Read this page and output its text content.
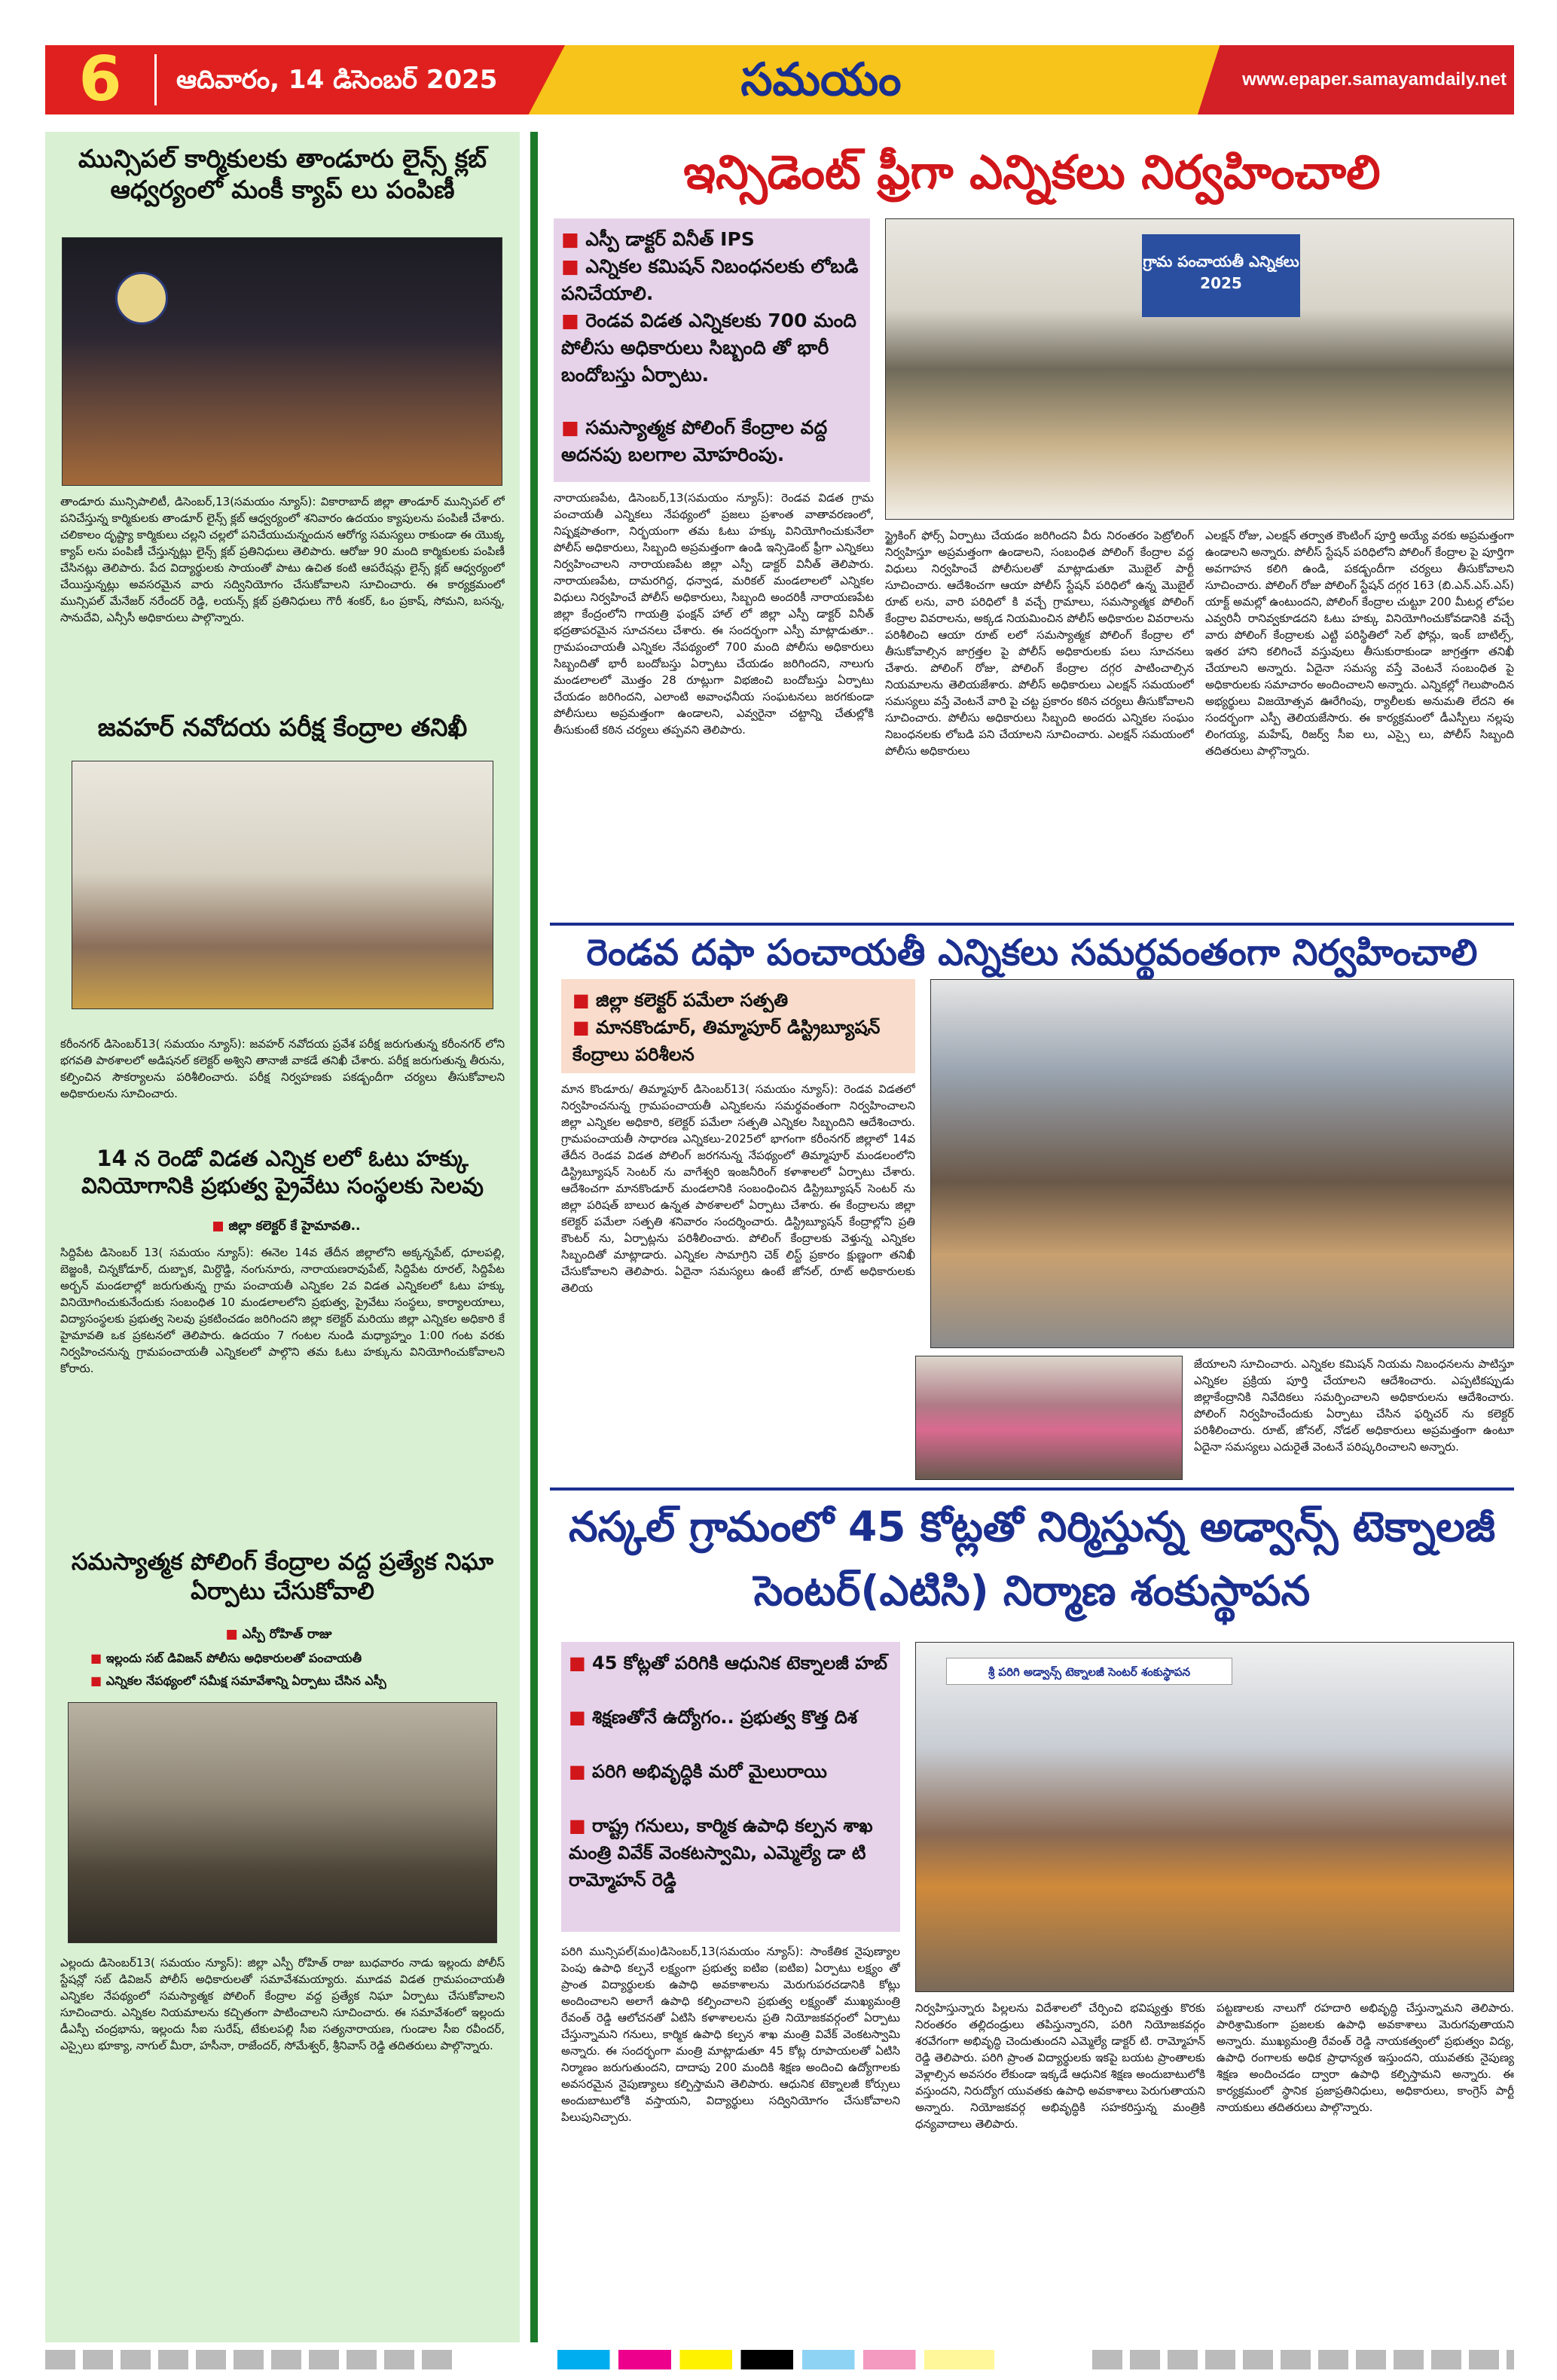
6	ఆదివారం, 14 డిసెంబర్ 2025	సమయం	www.epaper.samayamdaily.net
మున్సిపల్ కార్మికులకు తాండూరు లైన్స్ క్లబ్ ఆధ్వర్యంలో మంకీ క్యాప్ లు పంపిణీ
తాండూరు మున్సిపాలిటీ, డిసెంబర్,13(సమయం న్యూస్): వికారాబాద్ జిల్లా తాండూర్ మున్సిపల్ లో పనిచేస్తున్న కార్మికులకు తాండూర్ లైన్స్ క్లబ్ ఆధ్వర్యంలో శనివారం ఉదయం క్యాపులను పంపిణీ చేశారు. చలికాలం దృష్ట్యా కార్మికులు చల్లని చల్లలో పనిచేయుచున్నందున ఆరోగ్య సమస్యలు రాకుండా ఈ యొక్క క్యాప్ లను పంపిణీ చేస్తున్నట్లు లైన్స్ క్లబ్ ప్రతినిధులు తెలిపారు. ఆరోజు 90 మంది కార్మికులకు పంపిణీ చేసినట్లు తెలిపారు. పేద విద్యార్థులకు సాయంతో పాటు ఉచిత కంటి ఆపరేషన్లు లైన్స్ క్లబ్ ఆధ్వర్యంలో చేయిస్తున్నట్లు అవసరమైన వారు సద్వినియోగం చేసుకోవాలని సూచించారు. ఈ కార్యక్రమంలో మున్సిపల్ మేనేజర్ నరేందర్ రెడ్డి, లయన్స్ క్లబ్ ప్రతినిధులు గౌరీ శంకర్, ఓం ప్రకాష్, సోమని, బసన్న, సానుదేవి, ఎన్సీసీ అధికారులు పాల్గొన్నారు.
జవహర్ నవోదయ పరీక్ష కేంద్రాల తనిఖీ
కరీంనగర్ డిసెంబర్13( సమయం న్యూస్): జవహర్ నవోదయ ప్రవేశ పరీక్ష జరుగుతున్న కరీంనగర్ లోని భగవతి పాఠశాలలో అడిషనల్ కలెక్టర్ అశ్విని తానాజీ వాకడే తనిఖీ చేశారు. పరీక్ష జరుగుతున్న తీరును, కల్పించిన సౌకర్యాలను పరిశీలించారు. పరీక్ష నిర్వహణకు పకడ్బందీగా చర్యలు తీసుకోవాలని అధికారులను సూచించారు.
14 న రెండో విడత ఎన్నిక లలో ఓటు హక్కు వినియోగానికి ప్రభుత్వ ప్రైవేటు సంస్థలకు సెలవు
■ జిల్లా కలెక్టర్ కే హైమావతి..
సిద్దిపేట డిసెంబర్ 13( సమయం న్యూస్): ఈనెల 14వ తేదీన జిల్లాలోని అక్కన్నపేట్, ధూలపల్లి, బెజ్జంకి, చిన్నకోడూర్, దుబ్బాక, మిర్దొడ్డి, నంగునూరు, నారాయణరావుపేట్, సిద్దిపేట రూరల్, సిద్దిపేట అర్బన్ మండలాల్లో జరుగుతున్న గ్రామ పంచాయతీ ఎన్నికల 2వ విడత ఎన్నికలలో ఓటు హక్కు వినియోగించుకునేందుకు సంబంధిత 10 మండలాలలోని ప్రభుత్వ, ప్రైవేటు సంస్థలు, కార్యాలయాలు, విద్యాసంస్థలకు ప్రభుత్వ సెలవు ప్రకటించడం జరిగిందని జిల్లా కలెక్టర్ మరియు జిల్లా ఎన్నికల అధికారి కే హైమావతి ఒక ప్రకటనలో తెలిపారు. ఉదయం 7 గంటల నుండి మధ్యాహ్నం 1:00 గంట వరకు నిర్వహించనున్న గ్రామపంచాయతీ ఎన్నికలలో పాల్గొని తమ ఓటు హక్కును వినియోగించుకోవాలని కోరారు.
సమస్యాత్మక పోలింగ్ కేంద్రాల వద్ద ప్రత్యేక నిఘా ఏర్పాటు చేసుకోవాలి
■ ఎస్పీ రోహిత్ రాజు
■ ఇల్లందు సబ్ డివిజన్ పోలీసు అధికారులతో పంచాయతీ
■ ఎన్నికల నేపథ్యంలో సమీక్ష సమావేశాన్ని ఏర్పాటు చేసిన ఎస్పీ
ఎల్లందు డిసెంబర్13( సమయం న్యూస్): జిల్లా ఎస్పీ రోహిత్ రాజు బుధవారం నాడు ఇల్లందు పోలీస్ స్టేషన్లో సబ్ డివిజన్ పోలీస్ అధికారులతో సమావేశమయ్యారు. మూడవ విడత గ్రామపంచాయతీ ఎన్నికల నేపథ్యంలో సమస్యాత్మక పోలింగ్ కేంద్రాల వద్ద ప్రత్యేక నిఘా ఏర్పాటు చేసుకోవాలని సూచించారు. ఎన్నికల నియమాలను కచ్చితంగా పాటించాలని సూచించారు. ఈ సమావేశంలో ఇల్లందు డీఎస్పీ చంద్రభాను, ఇల్లందు సీఐ సురేష్, టేకులపల్లి సీఐ సత్యనారాయణ, గుండాల సీఐ రవీందర్, ఎస్సైలు భూక్యా, నాగుల్ మీరా, హసీనా, రాజేందర్, సోమేశ్వర్, శ్రీనివాస్ రెడ్డి తదితరులు పాల్గొన్నారు.
ఇన్సిడెంట్ ఫ్రీగా ఎన్నికలు నిర్వహించాలి
■ ఎస్పీ డాక్టర్ వినీత్ IPS
■ ఎన్నికల కమిషన్ నిబంధనలకు లోబడి పనిచేయాలి.
■ రెండవ విడత ఎన్నికలకు 700 మంది పోలీసు అధికారులు సిబ్బంది తో భారీ బందోబస్తు ఏర్పాటు.
■ సమస్యాత్మక పోలింగ్ కేంద్రాల వద్ద అదనపు బలగాల మోహరింపు.
గ్రామ పంచాయతీ ఎన్నికలు 2025
నారాయణపేట, డిసెంబర్,13(సమయం న్యూస్): రెండవ విడత గ్రామ పంచాయతీ ఎన్నికలు నేపథ్యంలో ప్రజలు ప్రశాంత వాతావరణంలో, నిష్పక్షపాతంగా, నిర్భయంగా తమ ఓటు హక్కు వినియోగించుకునేలా పోలీస్ అధికారులు, సిబ్బంది అప్రమత్తంగా ఉండి ఇన్సిడెంట్ ఫ్రీగా ఎన్నికలు నిర్వహించాలని నారాయణపేట జిల్లా ఎస్పీ డాక్టర్ వినీత్ తెలిపారు. నారాయణపేట, దామరగిద్ద, ధన్వాడ, మరికల్ మండలాలలో ఎన్నికల విధులు నిర్వహించే పోలీస్ అధికారులు, సిబ్బంది అందరికీ నారాయణపేట జిల్లా కేంద్రంలోని గాయత్రి ఫంక్షన్ హాల్ లో జిల్లా ఎస్పీ డాక్టర్ వినీత్ భద్రతాపరమైన సూచనలు చేశారు. ఈ సందర్భంగా ఎస్పీ మాట్లాడుతూ.. గ్రామపంచాయతీ ఎన్నికల నేపథ్యంలో 700 మంది పోలీసు అధికారులు సిబ్బందితో భారీ బందోబస్తు ఏర్పాటు చేయడం జరిగిందని, నాలుగు మండలాలలో మొత్తం 28 రూట్లుగా విభజించి బందోబస్తు ఏర్పాటు చేయడం జరిగిందని, ఎలాంటి అవాంఛనీయ సంఘటనలు జరగకుండా పోలీసులు అప్రమత్తంగా ఉండాలని, ఎవ్వరైనా చట్టాన్ని చేతుల్లోకి తీసుకుంటే కఠిన చర్యలు తప్పవని తెలిపారు.
స్ట్రైకింగ్ ఫోర్స్ ఏర్పాటు చేయడం జరిగిందని వీరు నిరంతరం పెట్రోలింగ్ నిర్వహిస్తూ అప్రమత్తంగా ఉండాలని, సంబంధిత పోలింగ్ కేంద్రాల వద్ద విధులు నిర్వహించే పోలీసులతో మాట్లాడుతూ మొబైల్ పార్టీ సూచించారు. ఆదేశించగా ఆయా పోలీస్ స్టేషన్ పరిధిలో ఉన్న మొబైల్ రూట్ లను, వారి పరిధిలో కి వచ్చే గ్రామాలు, సమస్యాత్మక పోలింగ్ కేంద్రాల వివరాలను, అక్కడ నియమించిన పోలీస్ అధికారుల వివరాలను పరిశీలించి ఆయా రూట్ లలో సమస్యాత్మక పోలింగ్ కేంద్రాల లో తీసుకోవాల్సిన జాగ్రత్తల పై పోలీస్ అధికారులకు పలు సూచనలు చేశారు. పోలింగ్ రోజు, పోలింగ్ కేంద్రాల దగ్గర పాటించాల్సిన నియమాలను తెలియజేశారు. పోలీస్ అధికారులు ఎలక్షన్ సమయంలో సమస్యలు వస్తే వెంటనే వారి పై చట్ట ప్రకారం కఠిన చర్యలు తీసుకోవాలని సూచించారు. పోలీసు అధికారులు సిబ్బంది అందరు ఎన్నికల సంఘం నిబంధనలకు లోబడి పని చేయాలని సూచించారు. ఎలక్షన్ సమయంలో పోలీసు అధికారులు
ఎలక్షన్ రోజు, ఎలక్షన్ తర్వాత కౌంటింగ్ పూర్తి అయ్యే వరకు అప్రమత్తంగా ఉండాలని అన్నారు. పోలీస్ స్టేషన్ పరిధిలోని పోలింగ్ కేంద్రాల పై పూర్తిగా అవగాహన కలిగి ఉండి, పకడ్బందీగా చర్యలు తీసుకోవాలని సూచించారు. పోలింగ్ రోజు పోలింగ్ స్టేషన్ దగ్గర 163 (బి.ఎన్.ఎస్.ఎస్) యాక్ట్ అమల్లో ఉంటుందని, పోలింగ్ కేంద్రాల చుట్టూ 200 మీటర్ల లోపల ఎవ్వరినీ రానివ్వకూడదని ఓటు హక్కు వినియోగించుకోవడానికి వచ్చే వారు పోలింగ్ కేంద్రాలకు ఎట్టి పరిస్థితిలో సెల్ ఫోన్లు, ఇంక్ బాటిల్స్, ఇతర హాని కలిగించే వస్తువులు తీసుకురాకుండా జాగ్రత్తగా తనిఖీ చేయాలని అన్నారు. ఏదైనా సమస్య వస్తే వెంటనే సంబంధిత పై అధికారులకు సమాచారం అందించాలని అన్నారు. ఎన్నికల్లో గెలుపొందిన అభ్యర్థులు విజయోత్సవ ఊరేగింపు, ర్యాలీలకు అనుమతి లేదని ఈ సందర్భంగా ఎస్పీ తెలియజేసారు. ఈ కార్యక్రమంలో డీఎస్పీలు నల్లపు లింగయ్య, మహేష్, రిజర్వ్ సీఐ లు, ఎస్సై లు, పోలీస్ సిబ్బంది తదితరులు పాల్గొన్నారు.
రెండవ దఫా పంచాయతీ ఎన్నికలు సమర్థవంతంగా నిర్వహించాలి
■ జిల్లా కలెక్టర్ పమేలా సత్పతి
■ మానకొండూర్, తిమ్మాపూర్ డిస్ట్రిబ్యూషన్ కేంద్రాలు పరిశీలన
మాన కొండూరు/ తిమ్మాపూర్ డిసెంబర్13( సమయం న్యూస్): రెండవ విడతలో నిర్వహించనున్న గ్రామపంచాయతీ ఎన్నికలను సమర్థవంతంగా నిర్వహించాలని జిల్లా ఎన్నికల అధికారి, కలెక్టర్ పమేలా సత్పతి ఎన్నికల సిబ్బందిని ఆదేశించారు. గ్రామపంచాయతీ సాధారణ ఎన్నికలు-2025లో భాగంగా కరీంనగర్ జిల్లాలో 14వ తేదీన రెండవ విడత పోలింగ్ జరగనున్న నేపథ్యంలో తిమ్మాపూర్ మండలంలోని డిస్ట్రిబ్యూషన్ సెంటర్ ను వాగేశ్వరి ఇంజనీరింగ్ కళాశాలలో ఏర్పాటు చేశారు. ఆదేశించగా మానకొండూర్ మండలానికి సంబంధించిన డిస్ట్రిబ్యూషన్ సెంటర్ ను జిల్లా పరిషత్ బాలుర ఉన్నత పాఠశాలలో ఏర్పాటు చేశారు. ఈ కేంద్రాలను జిల్లా కలెక్టర్ పమేలా సత్పతి శనివారం సందర్శించారు. డిస్ట్రిబ్యూషన్ కేంద్రాల్లోని ప్రతి కౌంటర్ ను, ఏర్పాట్లను పరిశీలించారు. పోలింగ్ కేంద్రాలకు వెళ్తున్న ఎన్నికల సిబ్బందితో మాట్లాడారు. ఎన్నికల సామాగ్రిని చెక్ లిస్ట్ ప్రకారం క్షుణ్ణంగా తనిఖీ చేసుకోవాలని తెలిపారు. ఏదైనా సమస్యలు ఉంటే జోనల్, రూట్ అధికారులకు తెలియ
జేయాలని సూచించారు. ఎన్నికల కమిషన్ నియమ నిబంధనలను పాటిస్తూ ఎన్నికల ప్రక్రియ పూర్తి చేయాలని ఆదేశించారు. ఎప్పటికప్పుడు జిల్లాకేంద్రానికి నివేదికలు సమర్పించాలని అధికారులను ఆదేశించారు. పోలింగ్ నిర్వహించేందుకు ఏర్పాటు చేసిన ఫర్నిచర్ ను కలెక్టర్ పరిశీలించారు. రూట్, జోనల్, నోడల్ అధికారులు అప్రమత్తంగా ఉంటూ ఏదైనా సమస్యలు ఎదురైతే వెంటనే పరిష్కరించాలని అన్నారు.
నస్కల్ గ్రామంలో 45 కోట్లతో నిర్మిస్తున్న అడ్వాన్స్ టెక్నాలజీ సెంటర్(ఎటిసి) నిర్మాణ శంకుస్థాపన
■ 45 కోట్లతో పరిగికి ఆధునిక టెక్నాలజీ హబ్
■ శిక్షణతోనే ఉద్యోగం.. ప్రభుత్వ కొత్త దిశ
■ పరిగి అభివృద్ధికి మరో మైలురాయి
■ రాష్ట్ర గనులు, కార్మిక ఉపాధి కల్పన శాఖ మంత్రి వివేక్ వెంకటస్వామి, ఎమ్మెల్యే డా టి రామ్మోహన్ రెడ్డి
శ్రీ పరిగి అడ్వాన్స్ టెక్నాలజీ సెంటర్ శంకుస్థాపన
పరిగి మున్సిపల్(మం)డిసెంబర్,13(సమయం న్యూస్): సాంకేతిక నైపుణ్యాల పెంపు ఉపాధి కల్పనే లక్ష్యంగా ప్రభుత్వ ఐటిఐ (ఐటిఐ) ఏర్పాటు లక్ష్యం తో ప్రాంత విద్యార్థులకు ఉపాధి అవకాశాలను మెరుగుపరచడానికి కోట్లు అందించాలని అలాగే ఉపాధి కల్పించాలని ప్రభుత్వ లక్ష్యంతో ముఖ్యమంత్రి రేవంత్ రెడ్డి ఆలోచనతో ఏటిసి కళాశాలలను ప్రతి నియోజకవర్గంలో ఏర్పాటు చేస్తున్నామని గనులు, కార్మిక ఉపాధి కల్పన శాఖ మంత్రి వివేక్ వెంకటస్వామి అన్నారు. ఈ సందర్భంగా మంత్రి మాట్లాడుతూ 45 కోట్ల రూపాయలతో ఏటిసి నిర్మాణం జరుగుతుందని, దాదాపు 200 మందికి శిక్షణ అందించి ఉద్యోగాలకు అవసరమైన నైపుణ్యాలు కల్పిస్తామని తెలిపారు. ఆధునిక టెక్నాలజీ కోర్సులు అందుబాటులోకి వస్తాయని, విద్యార్థులు సద్వినియోగం చేసుకోవాలని పిలుపునిచ్చారు.
నిర్వహిస్తున్నారు పిల్లలను విదేశాలలో చేర్పించి భవిష్యత్తు కొరకు నిరంతరం తల్లిదండ్రులు తపిస్తున్నారని, పరిగి నియోజకవర్గం శరవేగంగా అభివృద్ధి చెందుతుందని ఎమ్మెల్యే డాక్టర్ టి. రామ్మోహన్ రెడ్డి తెలిపారు. పరిగి ప్రాంత విద్యార్థులకు ఇకపై బయట ప్రాంతాలకు వెళ్లాల్సిన అవసరం లేకుండా ఇక్కడే ఆధునిక శిక్షణ అందుబాటులోకి వస్తుందని, నిరుద్యోగ యువతకు ఉపాధి అవకాశాలు పెరుగుతాయని అన్నారు. నియోజకవర్గ అభివృద్ధికి సహకరిస్తున్న మంత్రికి ధన్యవాదాలు తెలిపారు.
పట్టణాలకు నాలుగో రహదారి అభివృద్ధి చేస్తున్నామని తెలిపారు. పారిశ్రామికంగా ప్రజలకు ఉపాధి అవకాశాలు మెరుగవుతాయని అన్నారు. ముఖ్యమంత్రి రేవంత్ రెడ్డి నాయకత్వంలో ప్రభుత్వం విద్య, ఉపాధి రంగాలకు అధిక ప్రాధాన్యత ఇస్తుందని, యువతకు నైపుణ్య శిక్షణ అందించడం ద్వారా ఉపాధి కల్పిస్తామని అన్నారు. ఈ కార్యక్రమంలో స్థానిక ప్రజాప్రతినిధులు, అధికారులు, కాంగ్రెస్ పార్టీ నాయకులు తదితరులు పాల్గొన్నారు.
